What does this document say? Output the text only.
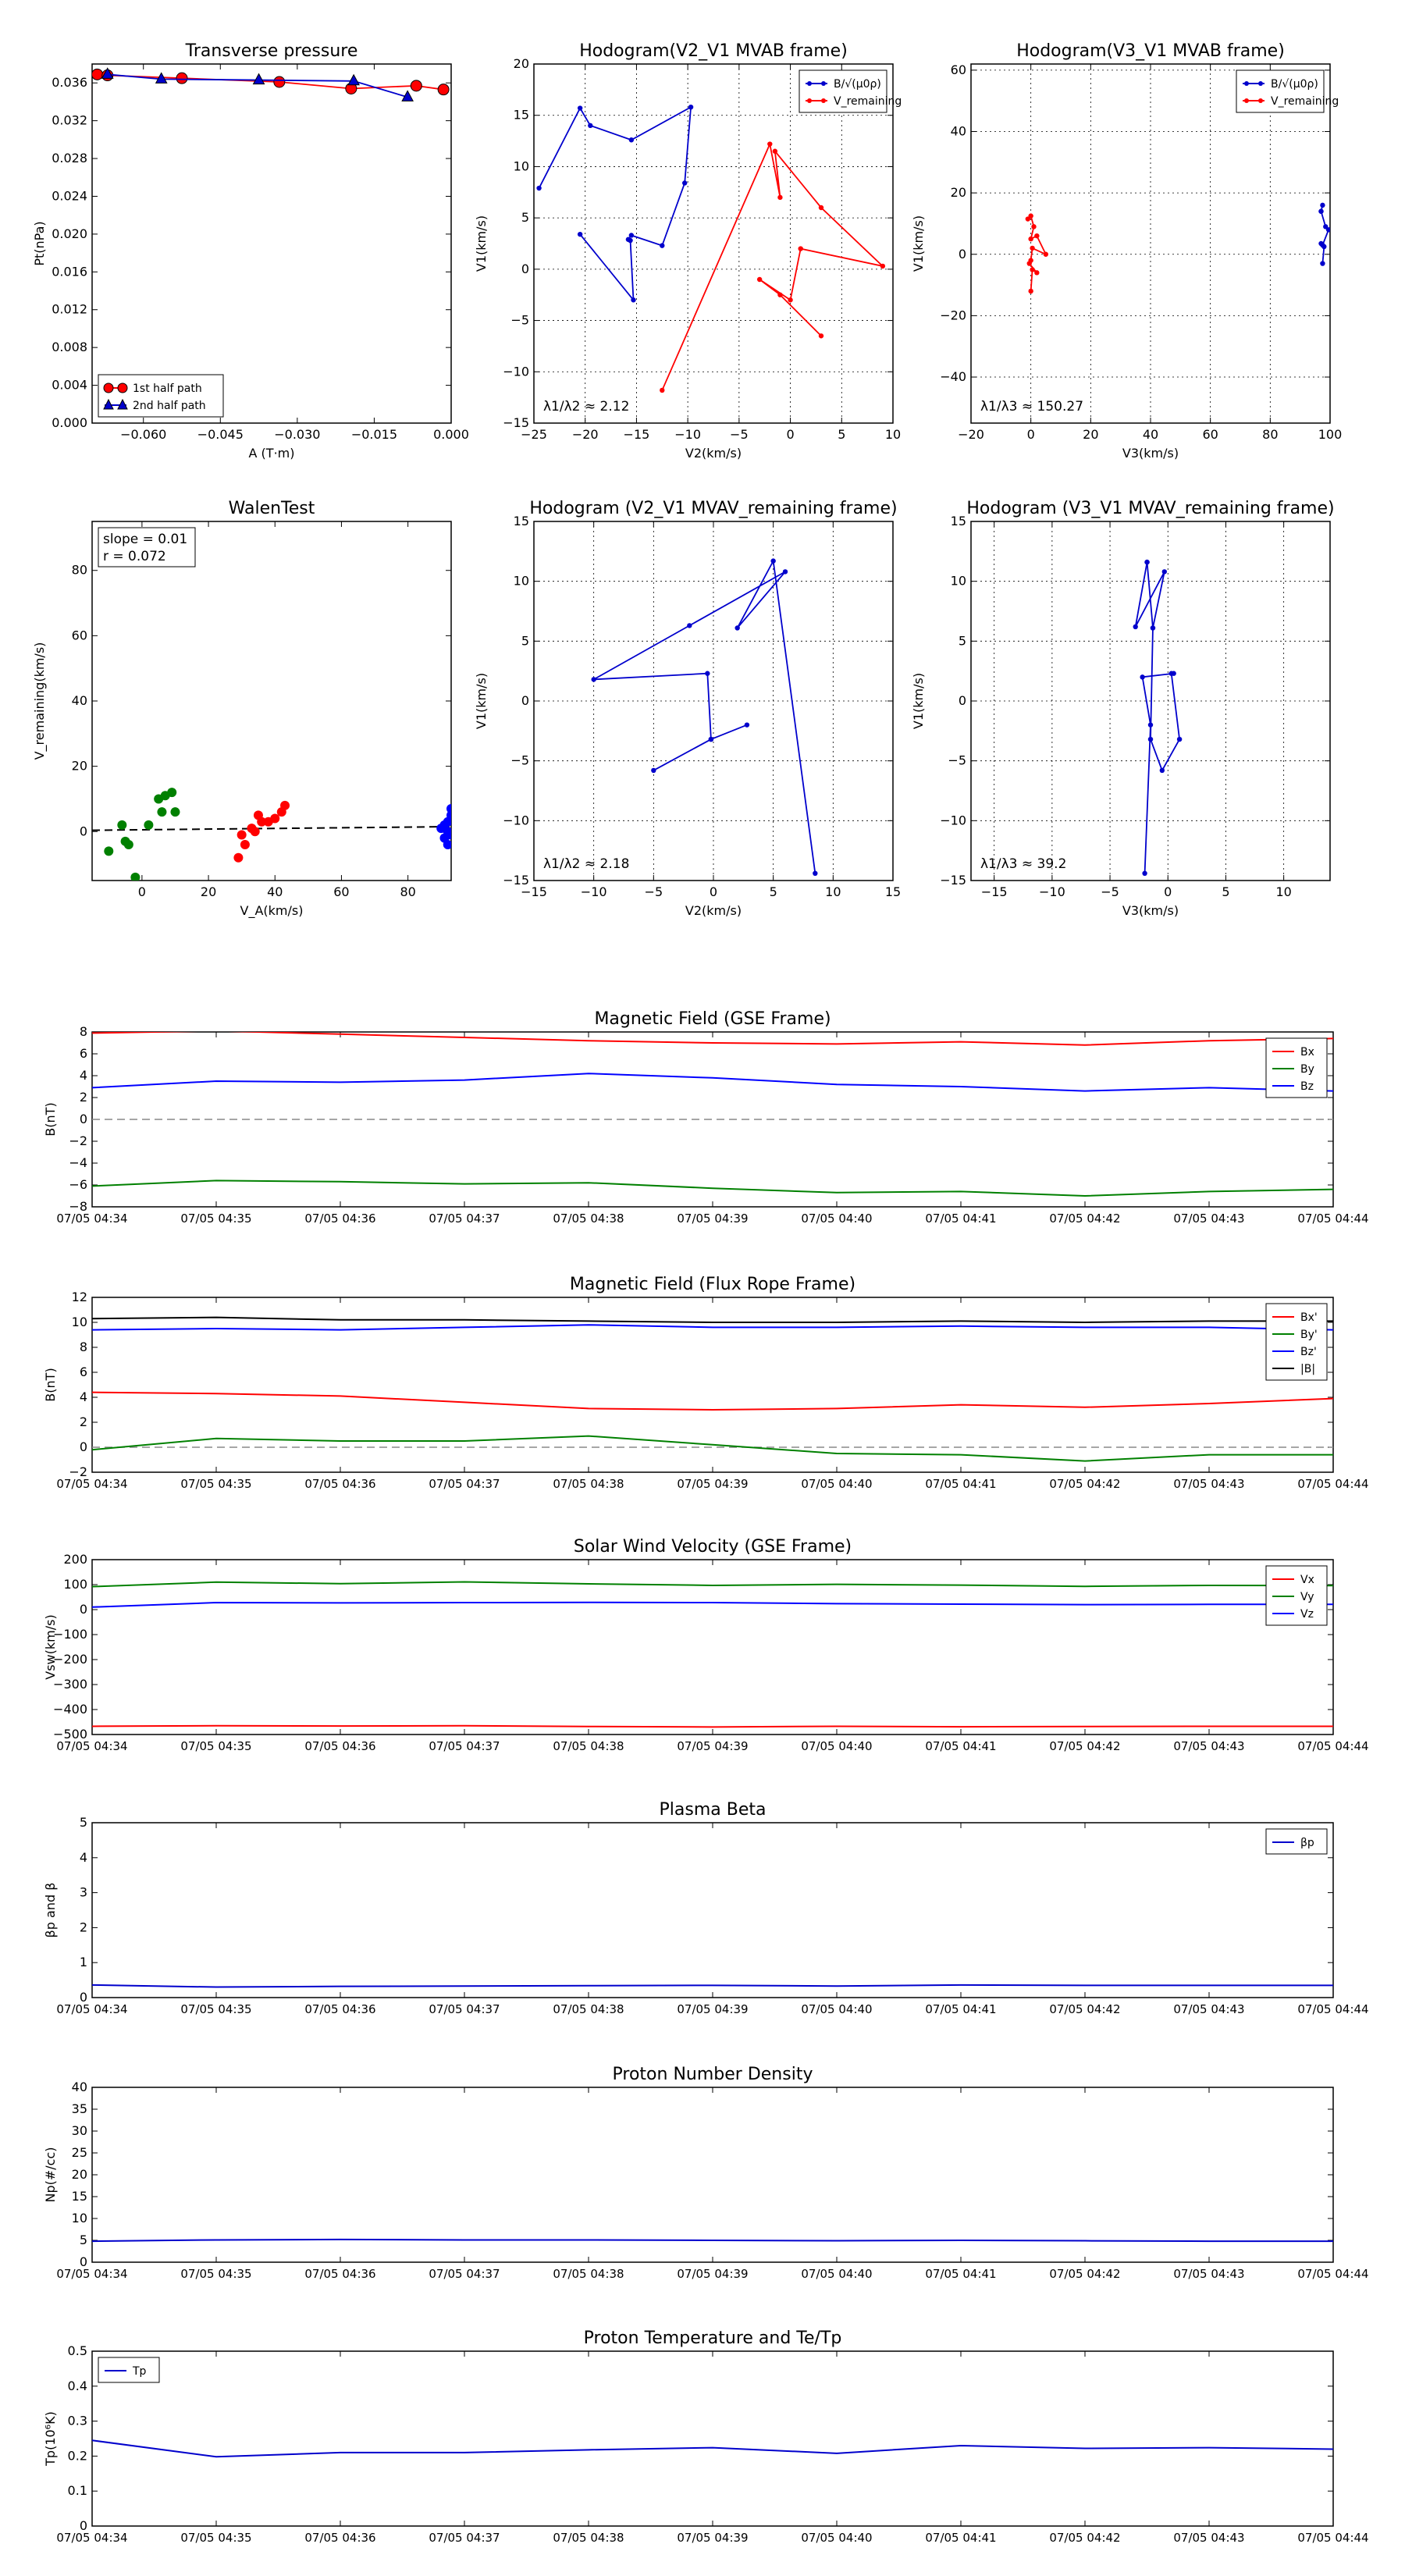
−0.060 −0.045 −0.030 −0.015	0.000
0.000
0.004
0.008
0.012
0.016
0.020
0.024
0.028
0.032
0.036
Transverse pressure
A (T·m)
Pt(nPa)
1st half path
2nd half path
−25 −20 −15 −10 −5	0	5	10
−15
−10
−5
0
5
10
15
20
Hodogram(V2_V1 MVAB frame)
V2(km/s)
V1(km/s)
λ1/λ2 ≈ 2.12
B/√(μ0ρ)
V_remaining
−20	0	20	40	60	80	100
−40
−20
0
20
40
60
Hodogram(V3_V1 MVAB frame)
V3(km/s)
V1(km/s)
λ1/λ3 ≈ 150.27
B/√(μ0ρ)
V_remaining
0	20	40	60	80
0
20
40
60
80
WalenTest
V_A(km/s)
V_remaining(km/s)
slope = 0.01 r = 0.072
−15	−10	−5	0	5	10	15
−15
−10
−5
0
5
10
15
Hodogram (V2_V1 MVAV_remaining frame)
V2(km/s)
V1(km/s)
λ1/λ2 ≈ 2.18
−15	−10	−5	0	5	10
−15
−10
−5
0
5
10
15
Hodogram (V3_V1 MVAV_remaining frame)
V3(km/s)
V1(km/s)
λ1/λ3 ≈ 39.2
07/05 04:34	07/05 04:35	07/05 04:36	07/05 04:37	07/05 04:38	07/05 04:39	07/05 04:40	07/05 04:41	07/05 04:42	07/05 04:43	07/05 04:44
−8
−6
−4
−2
0
2
4
6
8
Magnetic Field (GSE Frame)
B(nT)
Bx
By
Bz
07/05 04:34	07/05 04:35	07/05 04:36	07/05 04:37	07/05 04:38	07/05 04:39	07/05 04:40	07/05 04:41	07/05 04:42	07/05 04:43	07/05 04:44
−2
0
2
4
6
8
10
12
Magnetic Field (Flux Rope Frame)
B(nT)
Bx'
By'
Bz'
|B|
07/05 04:34	07/05 04:35	07/05 04:36	07/05 04:37	07/05 04:38	07/05 04:39	07/05 04:40	07/05 04:41	07/05 04:42	07/05 04:43	07/05 04:44
−500
−400
−300
−200
−100
0
100
200
Solar Wind Velocity (GSE Frame)
Vsw(km/s)
Vx
Vy
Vz
07/05 04:34	07/05 04:35	07/05 04:36	07/05 04:37	07/05 04:38	07/05 04:39	07/05 04:40	07/05 04:41	07/05 04:42	07/05 04:43	07/05 04:44
0
1
2
3
4
5
Plasma Beta
βp and β
βp
07/05 04:34	07/05 04:35	07/05 04:36	07/05 04:37	07/05 04:38	07/05 04:39	07/05 04:40	07/05 04:41	07/05 04:42	07/05 04:43	07/05 04:44
0
5
10
15
20
25
30
35
40
Proton Number Density
Np(#/cc)
07/05 04:34	07/05 04:35	07/05 04:36	07/05 04:37	07/05 04:38	07/05 04:39	07/05 04:40	07/05 04:41	07/05 04:42	07/05 04:43	07/05 04:44
0
0.1
0.2
0.3
0.4
0.5
Proton Temperature and Te/Tp
Tp(10⁶K)
Tp
